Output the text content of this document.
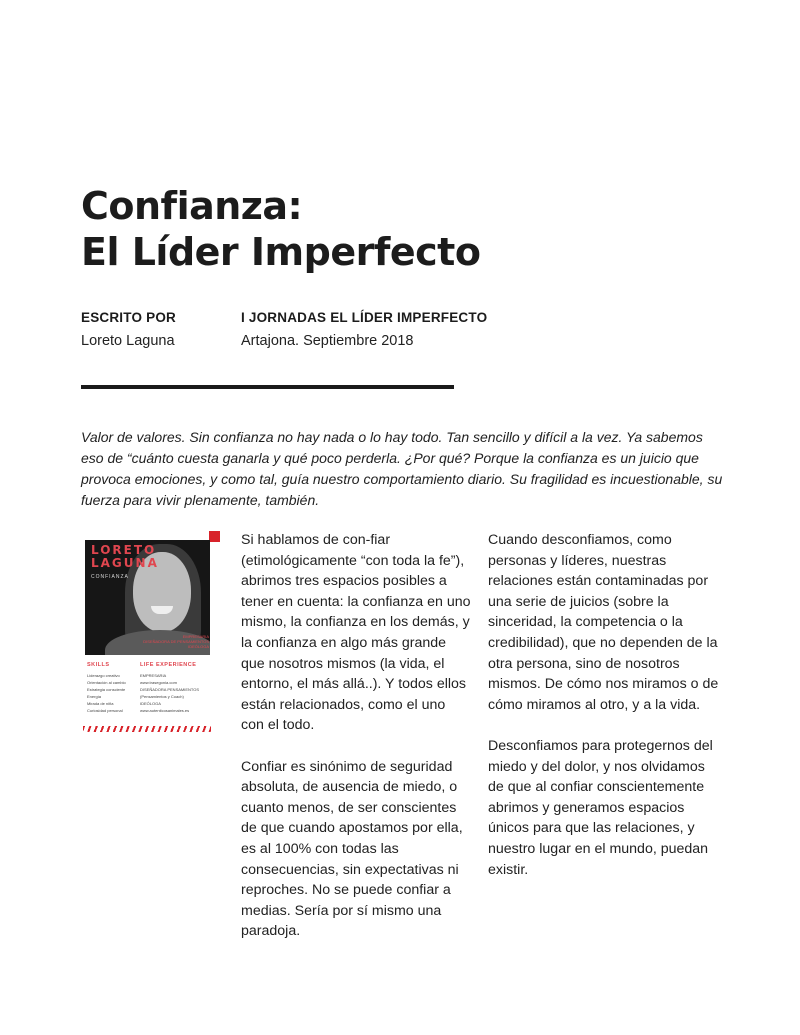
Confianza:
El Líder Imperfecto
ESCRITO POR
Loreto Laguna
I JORNADAS EL LÍDER IMPERFECTO
Artajona. Septiembre 2018

Valor de valores. Sin confianza no hay nada o lo hay todo. Tan sencillo y difícil a la vez. Ya sabemos eso de “cuánto cuesta ganarla y qué poco perderla. ¿Por qué? Porque la confianza es un juicio que provoca emociones, y como tal, guía nuestro comportamiento diario. Su fragilidad es incuestionable, su fuerza para vivir plenamente, también.

LORETO
LAGUNA
CONFIANZA
EMPRESARIA
DISEÑADORA DE PENSAMIENTOS
IDEÓLOGA
SKILLS	LIFE EXPERIENCE
Liderazgo creativo
Orientación al cambio
Estrategia consciente
Energía
Mirada de niña
Curiosidad personal
EMPRESARIA
www.trasegonia.com
DISEÑADORA PENSAMIENTOS
(Pensamientos y Coach)
IDEÓLOGA
www.autenticosanimales.es

Si hablamos de con-fiar (etimológicamente “con toda la fe”), abrimos tres espacios posibles a tener en cuenta: la confianza en uno mismo, la confianza en los demás, y la confianza en algo más grande que nosotros mismos (la vida, el entorno, el más allá..). Y todos ellos están relacionados, como el uno con el todo.

Confiar es sinónimo de seguridad absoluta, de ausencia de miedo, o cuanto menos, de ser conscientes de que cuando apostamos por ella, es al 100% con todas las consecuencias, sin expectativas ni reproches. No se puede confiar a medias. Sería por sí mismo una paradoja.

Cuando desconfiamos, como personas y líderes, nuestras relaciones están contaminadas por una serie de juicios (sobre la sinceridad, la competencia o la credibilidad), que no dependen de la otra persona, sino de nosotros mismos. De cómo nos miramos o de cómo miramos al otro, y a la vida.

Desconfiamos para protegernos del miedo y del dolor, y nos olvidamos de que al confiar conscientemente abrimos y generamos espacios únicos para que las relaciones, y nuestro lugar en el mundo, puedan existir.
